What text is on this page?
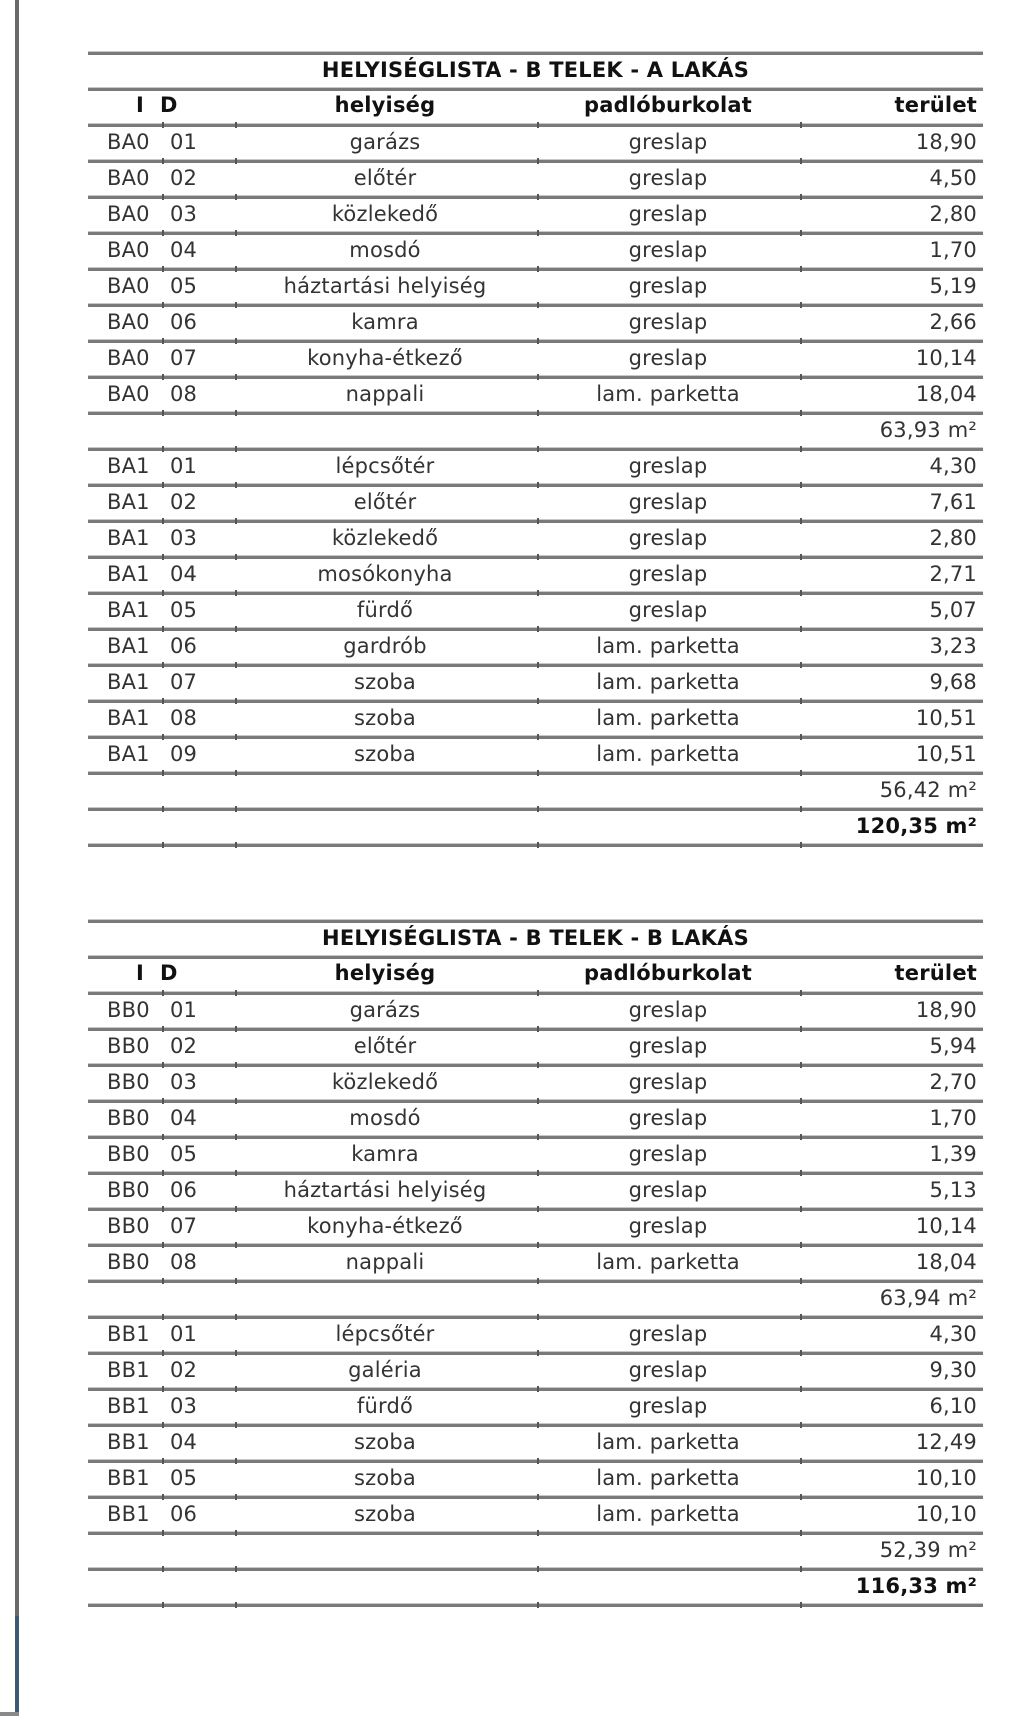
HELYISÉGLISTA - B TELEK - A LAKÁS
I D	helyiség	padlóburkolat	terület
BA0 01	garázs	greslap	18,90
BA0 02	előtér	greslap	4,50
BA0 03	közlekedő	greslap	2,80
BA0 04	mosdó	greslap	1,70
BA0 05	háztartási helyiség	greslap	5,19
BA0 06	kamra	greslap	2,66
BA0 07	konyha-étkező	greslap	10,14
BA0 08	nappali	lam. parketta	18,04
63,93 m²
BA1 01	lépcsőtér	greslap	4,30
BA1 02	előtér	greslap	7,61
BA1 03	közlekedő	greslap	2,80
BA1 04	mosókonyha	greslap	2,71
BA1 05	fürdő	greslap	5,07
BA1 06	gardrób	lam. parketta	3,23
BA1 07	szoba	lam. parketta	9,68
BA1 08	szoba	lam. parketta	10,51
BA1 09	szoba	lam. parketta	10,51
56,42 m²
120,35 m²
HELYISÉGLISTA - B TELEK - B LAKÁS
I D	helyiség	padlóburkolat	terület
BB0 01	garázs	greslap	18,90
BB0 02	előtér	greslap	5,94
BB0 03	közlekedő	greslap	2,70
BB0 04	mosdó	greslap	1,70
BB0 05	kamra	greslap	1,39
BB0 06	háztartási helyiség	greslap	5,13
BB0 07	konyha-étkező	greslap	10,14
BB0 08	nappali	lam. parketta	18,04
63,94 m²
BB1 01	lépcsőtér	greslap	4,30
BB1 02	galéria	greslap	9,30
BB1 03	fürdő	greslap	6,10
BB1 04	szoba	lam. parketta	12,49
BB1 05	szoba	lam. parketta	10,10
BB1 06	szoba	lam. parketta	10,10
52,39 m²
116,33 m²
